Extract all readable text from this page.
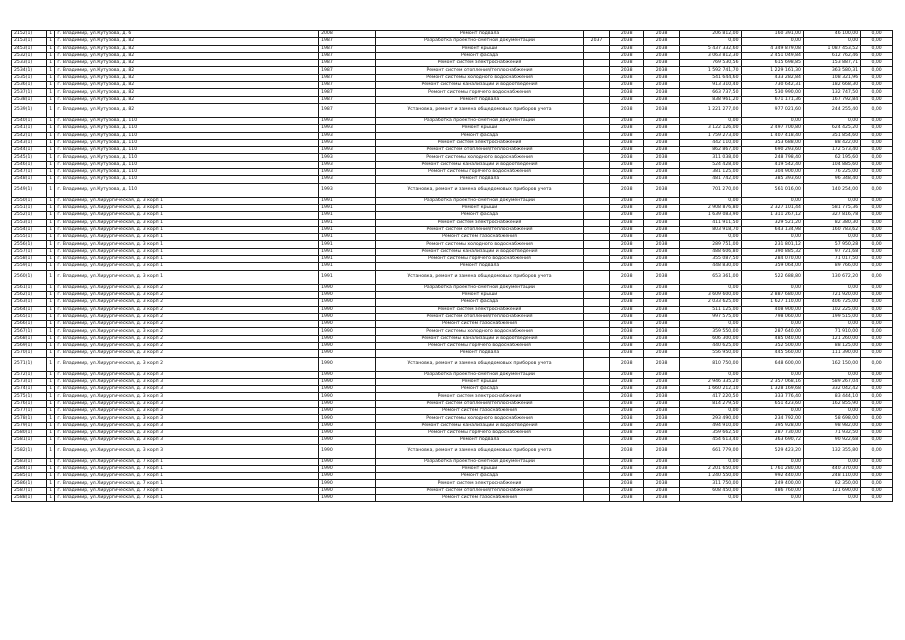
2152(1)	1	г. Владимир, ул.Кутузова, д. 6	2008	Ремонт подвала		2038	2038	206 812,00	160 391,00	46 100,00	0,00
2153(1)	1	г. Владимир, ул.Кутузова, д. 82	1987	Разработка проектно-сметной документации	2037	2038	2038	0,00	0,00	0,00	0,00
2453(1)	1	г. Владимир, ул.Кутузова, д. 82	1987	Ремонт крыши		2038	2038	5 437 332,60	4 349 879,08	1 087 453,52	0,00
2532(1)	1	г. Владимир, ул.Кутузова, д. 82	1987	Ремонт фасада		2038	2038	3 063 812,30	2 451 049,84	612 762,46	0,00
2533(1)	1	г. Владимир, ул.Кутузова, д. 82	1987	Ремонт систем электроснабжения		2038	2038	769 530,56	615 698,85	153 887,71	0,00
2534(1)	1	г. Владимир, ул.Кутузова, д. 82	1987	Ремонт систем отопления/теплоснабжения		2038	2038	1 592 741,70	1 229 161,30	363 580,31	0,00
2535(1)	1	г. Владимир, ул.Кутузова, д. 82	1987	Ремонт системы холодного водоснабжения		2038	2038	541 644,60	433 282,84	108 321,96	0,00
2536(1)	1	г. Владимир, ул.Кутузова, д. 82	1987	Ремонт системы канализации и водоотведения		2038	2038	913 310,40	730 642,31	182 668,30	0,00
2537(1)	1	г. Владимир, ул.Кутузова, д. 82	1987	Ремонт системы горячего водоснабжения		2038	2038	663 737,50	530 990,00	132 747,50	0,00
2538(1)	1	г. Владимир, ул.Кутузова, д. 82	1987	Ремонт подвала		2038	2038	838 961,20	671 171,36	167 792,84	0,00
2539(1)	1	г. Владимир, ул.Кутузова, д. 82	1987	Установка, ремонт и замена общедомовых приборов учета		2038	2038	1 221 277,00	977 021,60	244 255,40	0,00
2540(1)	1	г. Владимир, ул.Кутузова, д. 110	1993	Разработка проектно-сметной документации		2038	2038	0,00	0,00	0,00	0,00
2541(1)	1	г. Владимир, ул.Кутузова, д. 110	1993	Ремонт крыши		2038	2038	3 122 126,00	2 497 700,80	624 425,20	0,00
2542(1)	1	г. Владимир, ул.Кутузова, д. 110	1993	Ремонт фасада		2038	2038	1 759 273,00	1 407 418,40	351 854,60	0,00
2543(1)	1	г. Владимир, ул.Кутузова, д. 110	1993	Ремонт систем электроснабжения		2038	2038	442 110,00	353 688,00	88 422,00	0,00
2544(1)	1	г. Владимир, ул.Кутузова, д. 110	1993	Ремонт систем отопления/теплоснабжения		2038	2038	862 867,00	690 293,60	172 573,40	0,00
2545(1)	1	г. Владимир, ул.Кутузова, д. 110	1993	Ремонт системы холодного водоснабжения		2038	2038	311 038,00	248 798,40	62 195,60	0,00
2546(1)	1	г. Владимир, ул.Кутузова, д. 110	1993	Ремонт системы канализации и водоотведения		2038	2038	524 428,00	419 542,40	104 885,60	0,00
2547(1)	1	г. Владимир, ул.Кутузова, д. 110	1993	Ремонт системы горячего водоснабжения		2038	2038	381 125,00	304 900,00	76 225,00	0,00
2548(1)	1	г. Владимир, ул.Кутузова, д. 110	1993	Ремонт подвала		2038	2038	481 742,00	385 393,60	96 348,40	0,00
2549(1)	1	г. Владимир, ул.Кутузова, д. 110	1993	Установка, ремонт и замена общедомовых приборов учета		2038	2038	701 270,00	561 016,00	140 254,00	0,00
2550(1)	1	г. Владимир, ул.Хирургическая, д. 3 корп 1	1991	Разработка проектно-сметной документации		2038	2038	0,00	0,00	0,00	0,00
2551(1)	1	г. Владимир, ул.Хирургическая, д. 3 корп 1	1991	Ремонт крыши		2038	2038	2 908 876,80	2 327 101,44	581 775,36	0,00
2552(1)	1	г. Владимир, ул.Хирургическая, д. 3 корп 1	1991	Ремонт фасада		2038	2038	1 639 083,90	1 311 267,12	327 816,78	0,00
2553(1)	1	г. Владимир, ул.Хирургическая, д. 3 корп 1	1991	Ремонт систем электроснабжения		2038	2038	411 911,50	329 521,20	82 380,30	0,00
2554(1)	1	г. Владимир, ул.Хирургическая, д. 3 корп 1	1991	Ремонт систем отопления/теплоснабжения		2038	2038	803 918,70	643 134,98	160 783,62	0,00
2555(1)	1	г. Владимир, ул.Хирургическая, д. 3 корп 1	1991	Ремонт систем газоснабжения		2038	2038	0,00	0,00	0,00	0,00
2556(1)	1	г. Владимир, ул.Хирургическая, д. 3 корп 1	1991	Ремонт системы холодного водоснабжения		2038	2038	289 751,00	231 801,12	57 950,28	0,00
2557(1)	1	г. Владимир, ул.Хирургическая, д. 3 корп 1	1991	Ремонт системы канализации и водоотведения		2038	2038	488 606,80	390 885,32	97 721,68	0,00
2558(1)	1	г. Владимир, ул.Хирургическая, д. 3 корп 1	1991	Ремонт системы горячего водоснабжения		2038	2038	355 087,50	284 070,00	71 017,50	0,00
2559(1)	1	г. Владимир, ул.Хирургическая, д. 3 корп 1	1991	Ремонт подвала		2038	2038	448 830,00	359 064,00	89 766,00	0,00
2560(1)	1	г. Владимир, ул.Хирургическая, д. 3 корп 1	1991	Установка, ремонт и замена общедомовых приборов учета		2038	2038	653 361,00	522 688,80	130 672,20	0,00
2561(1)	1	г. Владимир, ул.Хирургическая, д. 3 корп 2	1990	Разработка проектно-сметной документации		2038	2038	0,00	0,00	0,00	0,00
2562(1)	1	г. Владимир, ул.Хирургическая, д. 3 корп 2	1990	Ремонт крыши		2038	2038	3 609 600,00	2 887 680,00	721 920,00	0,00
2563(1)	1	г. Владимир, ул.Хирургическая, д. 3 корп 2	1990	Ремонт фасада		2038	2038	2 033 625,00	1 627 110,00	406 725,00	0,00
2564(1)	1	г. Владимир, ул.Хирургическая, д. 3 корп 2	1990	Ремонт систем электроснабжения		2038	2038	511 125,00	408 900,00	102 225,00	0,00
2565(1)	1	г. Владимир, ул.Хирургическая, д. 3 корп 2	1990	Ремонт систем отопления/теплоснабжения		2038	2038	997 575,00	798 060,00	199 515,00	0,00
2566(1)	1	г. Владимир, ул.Хирургическая, д. 3 корп 2	1990	Ремонт систем газоснабжения		2038	2038	0,00	0,00	0,00	0,00
2567(1)	1	г. Владимир, ул.Хирургическая, д. 3 корп 2	1990	Ремонт системы холодного водоснабжения		2038	2038	359 550,00	287 640,00	71 910,00	0,00
2568(1)	1	г. Владимир, ул.Хирургическая, д. 3 корп 2	1990	Ремонт системы канализации и водоотведения		2038	2038	606 300,00	485 040,00	121 260,00	0,00
2569(1)	1	г. Владимир, ул.Хирургическая, д. 3 корп 2	1990	Ремонт системы горячего водоснабжения		2038	2038	440 625,00	352 500,00	88 125,00	0,00
2570(1)	1	г. Владимир, ул.Хирургическая, д. 3 корп 2	1990	Ремонт подвала		2038	2038	556 950,00	445 560,00	111 390,00	0,00
2571(1)	1	г. Владимир, ул.Хирургическая, д. 3 корп 2	1990	Установка, ремонт и замена общедомовых приборов учета		2038	2038	810 750,00	648 600,00	162 150,00	0,00
2572(1)	1	г. Владимир, ул.Хирургическая, д. 3 корп 3	1990	Разработка проектно-сметной документации		2038	2038	0,00	0,00	0,00	0,00
2573(1)	1	г. Владимир, ул.Хирургическая, д. 3 корп 3	1990	Ремонт крыши		2038	2038	2 946 335,20	2 357 068,16	589 267,04	0,00
2574(1)	1	г. Владимир, ул.Хирургическая, д. 3 корп 3	1990	Ремонт фасада		2038	2038	1 660 212,10	1 328 169,68	332 042,42	0,00
2575(1)	1	г. Владимир, ул.Хирургическая, д. 3 корп 3	1990	Ремонт систем электроснабжения		2038	2038	417 220,50	333 776,40	83 444,10	0,00
2576(1)	1	г. Владимир, ул.Хирургическая, д. 3 корп 3	1990	Ремонт систем отопления/теплоснабжения		2038	2038	814 279,50	651 423,60	162 855,90	0,00
2577(1)	1	г. Владимир, ул.Хирургическая, д. 3 корп 3	1990	Ремонт систем газоснабжения		2038	2038	0,00	0,00	0,00	0,00
2578(1)	1	г. Владимир, ул.Хирургическая, д. 3 корп 3	1990	Ремонт системы холодного водоснабжения		2038	2038	293 490,00	234 792,00	58 698,00	0,00
2579(1)	1	г. Владимир, ул.Хирургическая, д. 3 корп 3	1990	Ремонт системы канализации и водоотведения		2038	2038	494 910,00	395 928,00	98 982,00	0,00
2580(1)	1	г. Владимир, ул.Хирургическая, д. 3 корп 3	1990	Ремонт системы горячего водоснабжения		2038	2038	359 662,50	287 730,00	71 932,50	0,00
2581(1)	1	г. Владимир, ул.Хирургическая, д. 3 корп 3	1990	Ремонт подвала		2038	2038	454 613,40	363 690,72	90 922,68	0,00
2582(1)	1	г. Владимир, ул.Хирургическая, д. 3 корп 3	1990	Установка, ремонт и замена общедомовых приборов учета		2038	2038	661 779,00	529 423,20	132 355,80	0,00
2583(1)	1	г. Владимир, ул.Хирургическая, д. 7 корп 1	1990	Разработка проектно-сметной документации		2038	2038	0,00	0,00	0,00	0,00
2584(1)	1	г. Владимир, ул.Хирургическая, д. 7 корп 1	1990	Ремонт крыши		2038	2038	2 201 650,00	1 761 280,00	440 370,00	0,00
2585(1)	1	г. Владимир, ул.Хирургическая, д. 7 корп 1	1990	Ремонт фасада		2038	2038	1 240 550,00	992 440,00	248 110,00	0,00
2586(1)	1	г. Владимир, ул.Хирургическая, д. 7 корп 1	1990	Ремонт систем электроснабжения		2038	2038	311 750,00	249 400,00	62 350,00	0,00
2587(1)	1	г. Владимир, ул.Хирургическая, д. 7 корп 1	1990	Ремонт систем отопления/теплоснабжения		2038	2038	608 450,00	486 760,00	121 690,00	0,00
2588(1)	1	г. Владимир, ул.Хирургическая, д. 7 корп 1	1990	Ремонт систем газоснабжения		2038	2038	0,00	0,00	0,00	0,00
